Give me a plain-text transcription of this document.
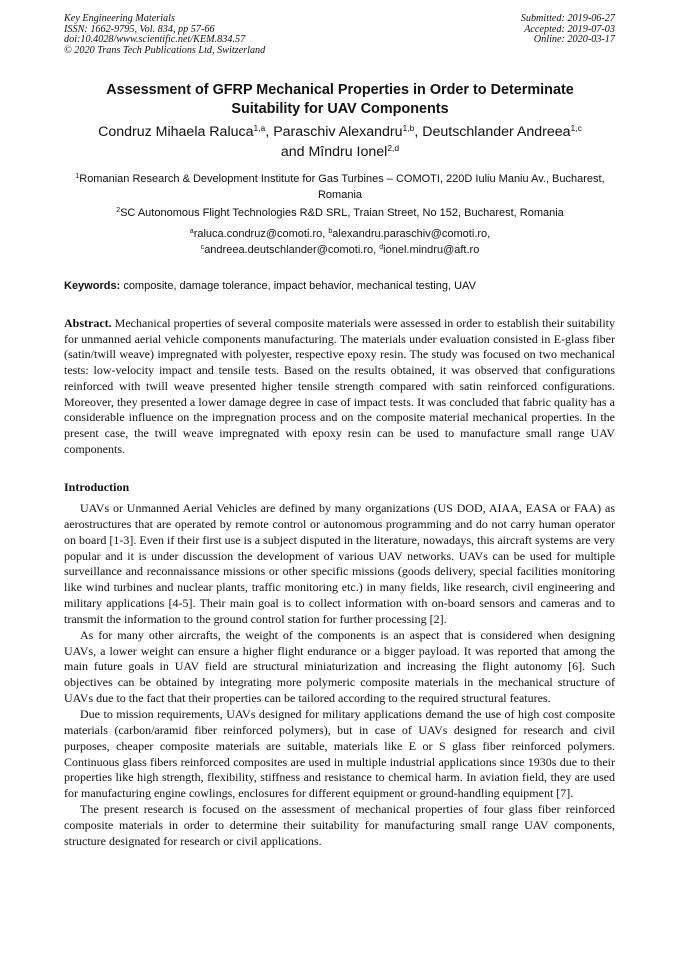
Key Engineering Materials
ISSN: 1662-9795, Vol. 834, pp 57-66
doi:10.4028/www.scientific.net/KEM.834.57
© 2020 Trans Tech Publications Ltd, Switzerland
Submitted: 2019-06-27
Accepted: 2019-07-03
Online: 2020-03-17
Assessment of GFRP Mechanical Properties in Order to Determinate
Suitability for UAV Components
Condruz Mihaela Raluca$^{1,a}$, Paraschiv Alexandru$^{1,b}$, Deutschlander Andreea$^{1,c}$
and Mîndru Ionel$^{2,d}$
$^1$Romanian Research & Development Institute for Gas Turbines – COMOTI, 220D Iuliu Maniu Av., Bucharest, Romania
$^2$SC Autonomous Flight Technologies R&D SRL, Traian Street, No 152, Bucharest, Romania
$^a$raluca.condruz@comoti.ro, $^b$alexandru.paraschiv@comoti.ro,
$^c$andreea.deutschlander@comoti.ro, $^d$ionel.mindru@aft.ro
Keywords: composite, damage tolerance, impact behavior, mechanical testing, UAV
Abstract. Mechanical properties of several composite materials were assessed in order to establish their suitability for unmanned aerial vehicle components manufacturing. The materials under evaluation consisted in E-glass fiber (satin/twill weave) impregnated with polyester, respective epoxy resin. The study was focused on two mechanical tests: low-velocity impact and tensile tests. Based on the results obtained, it was observed that configurations reinforced with twill weave presented higher tensile strength compared with satin reinforced configurations. Moreover, they presented a lower damage degree in case of impact tests. It was concluded that fabric quality has a considerable influence on the impregnation process and on the composite material mechanical properties. In the present case, the twill weave impregnated with epoxy resin can be used to manufacture small range UAV components.
Introduction

UAVs or Unmanned Aerial Vehicles are defined by many organizations (US DOD, AIAA, EASA or FAA) as aerostructures that are operated by remote control or autonomous programming and do not carry human operator on board [1-3]. Even if their first use is a subject disputed in the literature, nowadays, this aircraft systems are very popular and it is under discussion the development of various UAV networks. UAVs can be used for multiple surveillance and reconnaissance missions or other specific missions (goods delivery, special facilities monitoring like wind turbines and nuclear plants, traffic monitoring etc.) in many fields, like research, civil engineering and military applications [4-5]. Their main goal is to collect information with on-board sensors and cameras and to transmit the information to the ground control station for further processing [2].

As for many other aircrafts, the weight of the components is an aspect that is considered when designing UAVs, a lower weight can ensure a higher flight endurance or a bigger payload. It was reported that among the main future goals in UAV field are structural miniaturization and increasing the flight autonomy [6]. Such objectives can be obtained by integrating more polymeric composite materials in the mechanical structure of UAVs due to the fact that their properties can be tailored according to the required structural features.

Due to mission requirements, UAVs designed for military applications demand the use of high cost composite materials (carbon/aramid fiber reinforced polymers), but in case of UAVs designed for research and civil purposes, cheaper composite materials are suitable, materials like E or S glass fiber reinforced polymers. Continuous glass fibers reinforced composites are used in multiple industrial applications since 1930s due to their properties like high strength, flexibility, stiffness and resistance to chemical harm. In aviation field, they are used for manufacturing engine cowlings, enclosures for different equipment or ground-handling equipment [7].

The present research is focused on the assessment of mechanical properties of four glass fiber reinforced composite materials in order to determine their suitability for manufacturing small range UAV components, structure designated for research or civil applications.
